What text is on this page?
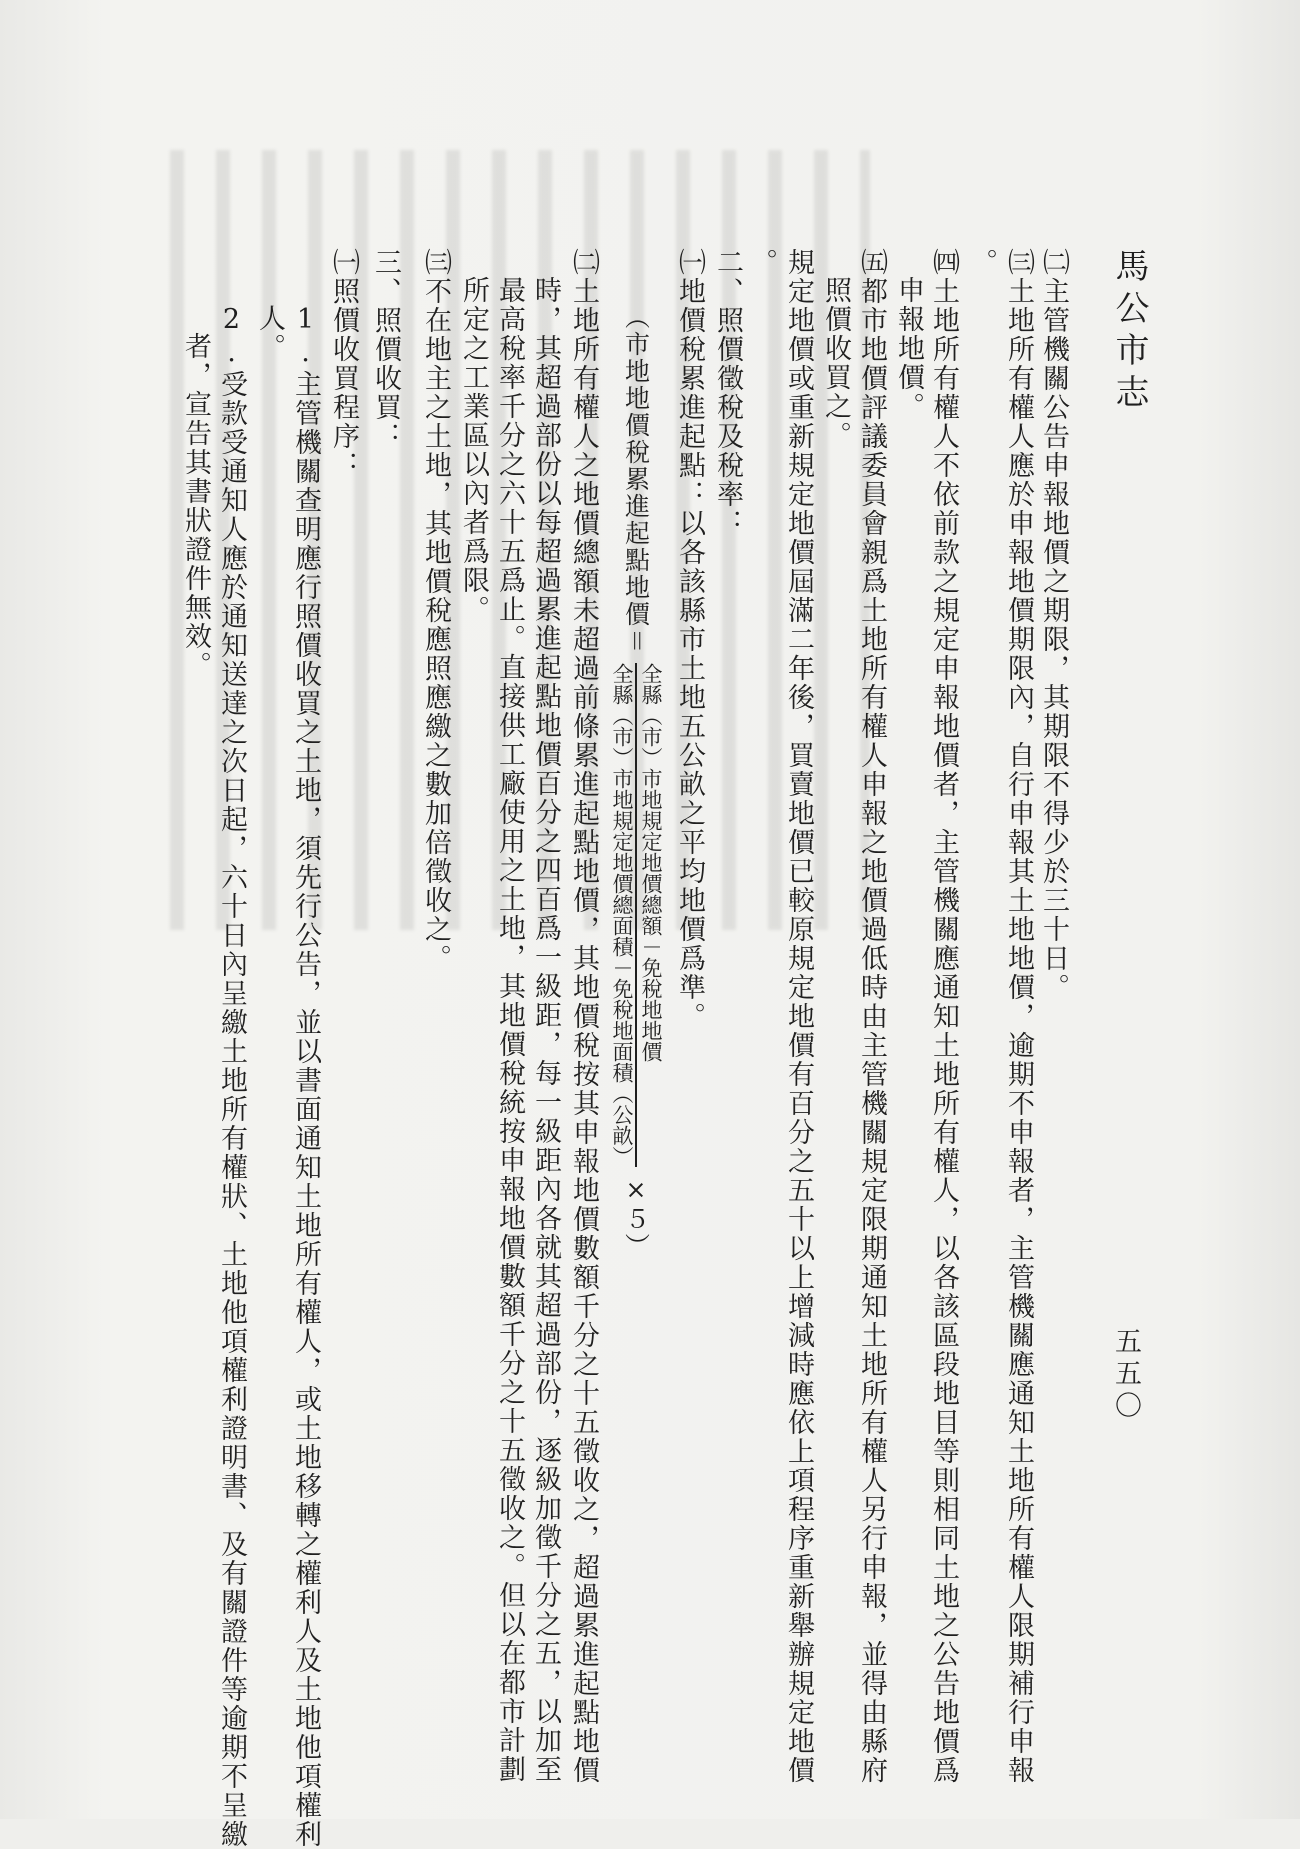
馬公市志
五五〇
㈡主管機關公告申報地價之期限，其期限不得少於三十日。
㈢土地所有權人應於申報地價期限內，自行申報其土地地價，逾期不申報者，主管機關應通知土地所有權人限期補行申報
。
㈣土地所有權人不依前款之規定申報地價者，主管機關應通知土地所有權人，以各該區段地目等則相同土地之公告地價爲
申報地價。
㈤都市地價評議委員會親爲土地所有權人申報之地價過低時由主管機關規定限期通知土地所有權人另行申報，並得由縣府
照價收買之。
規定地價或重新規定地價屆滿二年後，買賣地價已較原規定地價有百分之五十以上增減時應依上項程序重新舉辦規定地價
。
二、照價徵稅及稅率：
㈠地價稅累進起點：以各該縣市土地五公畝之平均地價爲準。
㈡土地所有權人之地價總額未超過前條累進起點地價，其地價稅按其申報地價數額千分之十五徵收之，超過累進起點地價
時，其超過部份以每超過累進起點地價百分之四百爲一級距，每一級距內各就其超過部份，逐級加徵千分之五，以加至
最高稅率千分之六十五爲止。直接供工廠使用之土地，其地價稅統按申報地價數額千分之十五徵收之。但以在都市計劃
所定之工業區以內者爲限。
㈢不在地主之土地，其地價稅應照應繳之數加倍徵收之。
三、照價收買：
㈠照價收買程序：
1.主管機關查明應行照價收買之土地，須先行公告，並以書面通知土地所有權人，或土地移轉之權利人及土地他項權利
人。
2.受款受通知人應於通知送達之次日起，六十日內呈繳土地所有權狀、土地他項權利證明書、及有關證件等逾期不呈繳
者，宣告其書狀證件無效。	（市地地價稅累進起點地價＝
全縣（市）市地規定地價總額－免稅地地價
全縣（市）市地規定地價總面積－免稅地面積（公畝）
×５）
